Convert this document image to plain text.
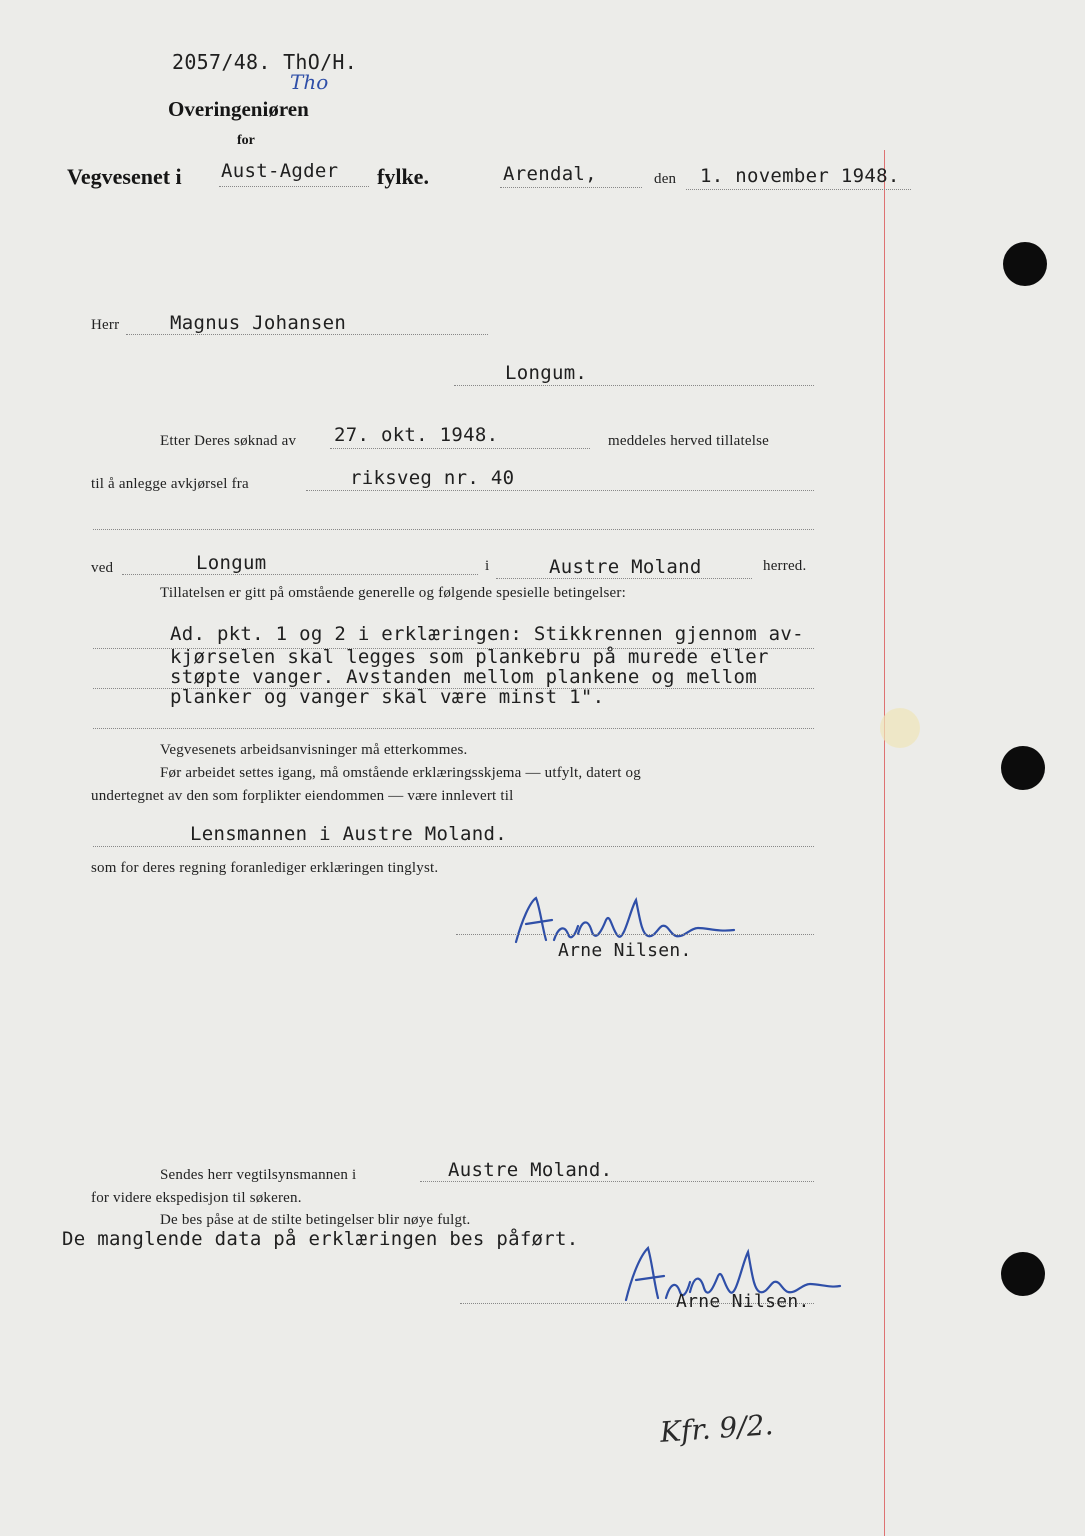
2057/48. ThO/H.
Tho
Overingeniøren
for
Vegvesenet i Aust-Agder fylke.	Arendal,	den 1. november 1948.
Herr	Magnus Johansen
Longum.
Etter Deres søknad av 27. okt. 1948.	meddeles herved tillatelse
til å anlegge avkjørsel fra	riksveg nr. 40
ved	Longum	i	Austre Moland	herred.
Tillatelsen er gitt på omstående generelle og følgende spesielle betingelser:
Ad. pkt. 1 og 2 i erklæringen: Stikkrennen gjennom av-
kjørselen skal legges som plankebru på murede eller
støpte vanger. Avstanden mellom plankene og mellom
planker og vanger skal være minst 1".
Vegvesenets arbeidsanvisninger må etterkommes.
Før arbeidet settes igang, må omstående erklæringsskjema — utfylt, datert og
undertegnet av den som forplikter eiendommen — være innlevert til
Lensmannen i Austre Moland.
som for deres regning foranlediger erklæringen tinglyst.
Arne Nilsen.
Sendes herr vegtilsynsmannen i	Austre Moland.
for videre ekspedisjon til søkeren.
De bes påse at de stilte betingelser blir nøye fulgt.
De manglende data på erklæringen bes påført.
Arne Nilsen.
Kfr. 9/2.
